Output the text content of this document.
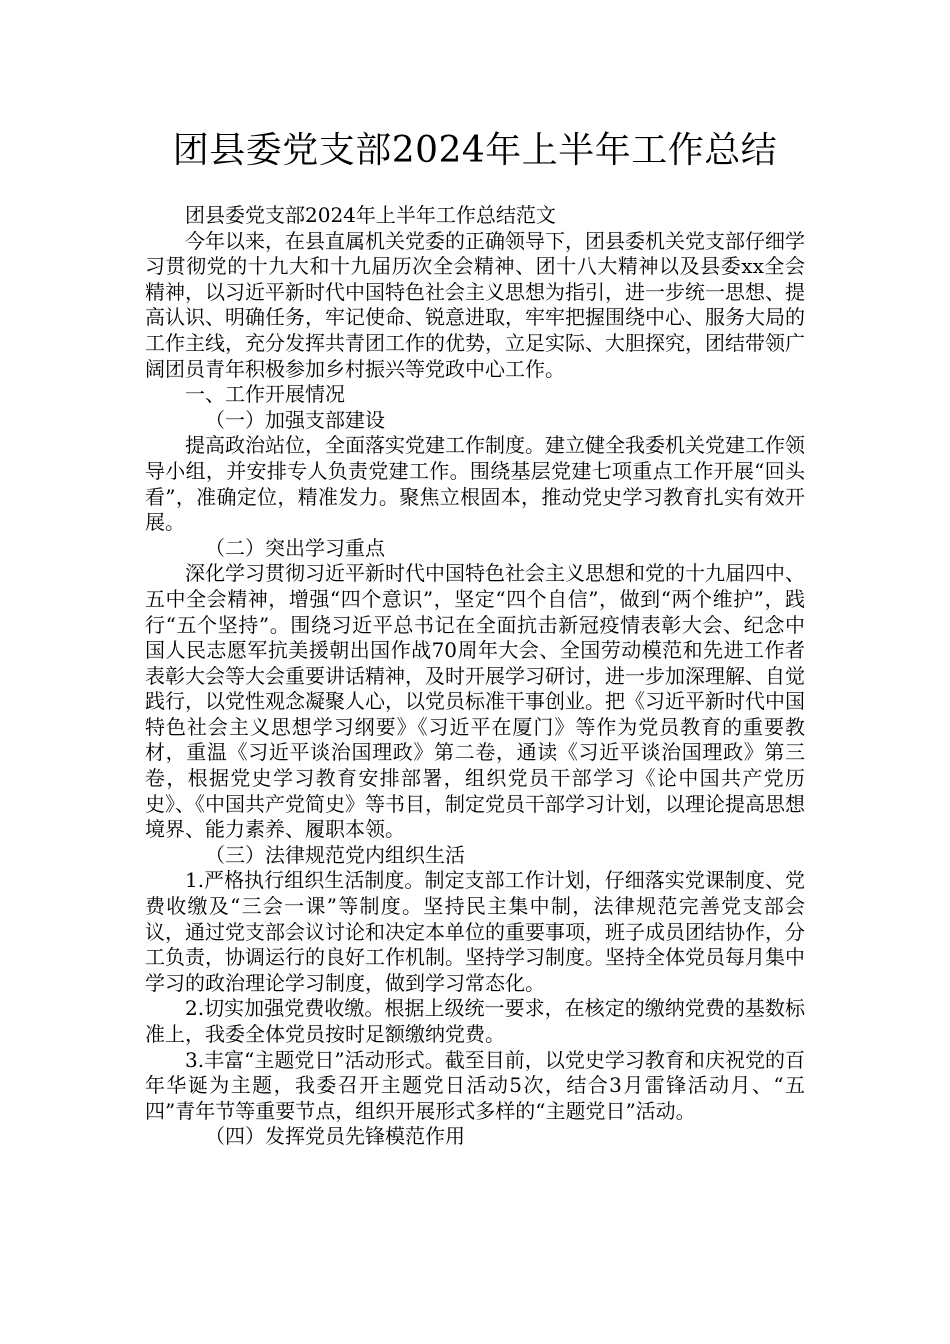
团县委党支部2024年上半年工作总结

团县委党支部2024年上半年工作总结范文

今年以来，在县直属机关党委的正确领导下，团县委机关党支部仔细学习贯彻党的十九大和十九届历次全会精神、团十八大精神以及县委xx全会精神，以习近平新时代中国特色社会主义思想为指引，进一步统一思想、提高认识、明确任务，牢记使命、锐意进取，牢牢把握围绕中心、服务大局的工作主线，充分发挥共青团工作的优势，立足实际、大胆探究，团结带领广阔团员青年积极参加乡村振兴等党政中心工作。

一、工作开展情况

（一）加强支部建设

提高政治站位，全面落实党建工作制度。建立健全我委机关党建工作领导小组，并安排专人负责党建工作。围绕基层党建七项重点工作开展“回头看”，准确定位，精准发力。聚焦立根固本，推动党史学习教育扎实有效开展。

（二）突出学习重点

深化学习贯彻习近平新时代中国特色社会主义思想和党的十九届四中、五中全会精神，增强“四个意识”，坚定“四个自信”，做到“两个维护”，践行“五个坚持”。围绕习近平总书记在全面抗击新冠疫情表彰大会、纪念中国人民志愿军抗美援朝出国作战70周年大会、全国劳动模范和先进工作者表彰大会等大会重要讲话精神，及时开展学习研讨，进一步加深理解、自觉践行，以党性观念凝聚人心，以党员标准干事创业。把《习近平新时代中国特色社会主义思想学习纲要》《习近平在厦门》等作为党员教育的重要教材，重温《习近平谈治国理政》第二卷，通读《习近平谈治国理政》第三卷，根据党史学习教育安排部署，组织党员干部学习《论中国共产党历史》、《中国共产党简史》等书目，制定党员干部学习计划，以理论提高思想境界、能力素养、履职本领。

（三）法律规范党内组织生活

1.严格执行组织生活制度。制定支部工作计划，仔细落实党课制度、党费收缴及“三会一课”等制度。坚持民主集中制，法律规范完善党支部会议，通过党支部会议讨论和决定本单位的重要事项，班子成员团结协作，分工负责，协调运行的良好工作机制。坚持学习制度。坚持全体党员每月集中学习的政治理论学习制度，做到学习常态化。

2.切实加强党费收缴。根据上级统一要求，在核定的缴纳党费的基数标准上，我委全体党员按时足额缴纳党费。

3.丰富“主题党日”活动形式。截至目前，以党史学习教育和庆祝党的百年华诞为主题，我委召开主题党日活动5次，结合3月雷锋活动月、“五四”青年节等重要节点，组织开展形式多样的“主题党日”活动。

（四）发挥党员先锋模范作用
